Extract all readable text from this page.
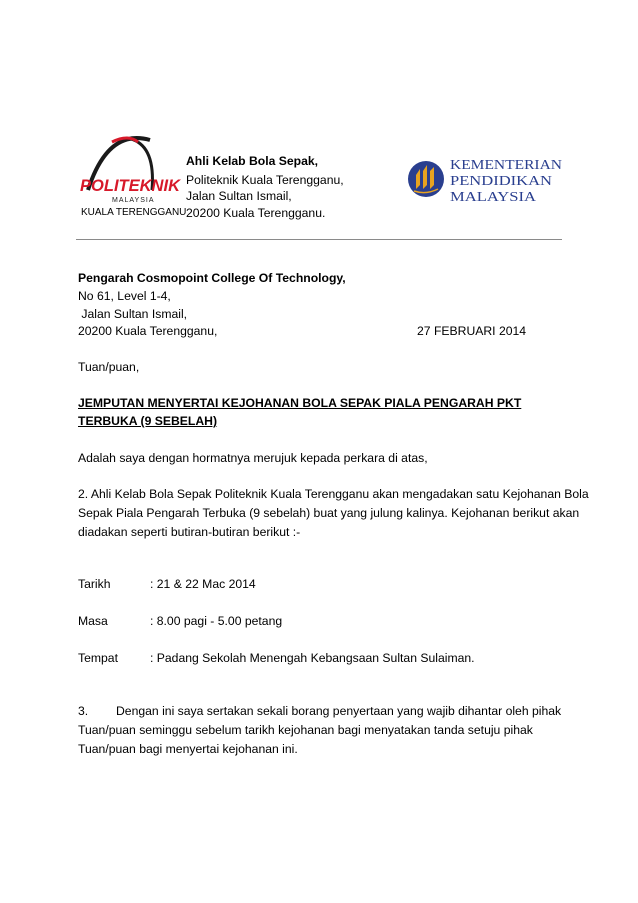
POLITEKNIK
MALAYSIA
KUALA TERENGGANU
Ahli Kelab Bola Sepak,
Politeknik Kuala Terengganu,
Jalan Sultan Ismail,
20200 Kuala Terengganu.
KEMENTERIAN
PENDIDIKAN
MALAYSIA
Pengarah Cosmopoint College Of Technology,
No 61, Level 1-4,
Jalan Sultan Ismail,
20200 Kuala Terengganu,	27 FEBRUARI 2014
Tuan/puan,
JEMPUTAN MENYERTAI KEJOHANAN BOLA SEPAK PIALA PENGARAH PKT
TERBUKA (9 SEBELAH)
Adalah saya dengan hormatnya merujuk kepada perkara di atas,
2. Ahli Kelab Bola Sepak Politeknik Kuala Terengganu akan mengadakan satu Kejohanan Bola
Sepak Piala Pengarah Terbuka (9 sebelah) buat yang julung kalinya. Kejohanan berikut akan
diadakan seperti butiran-butiran berikut :-
Tarikh	: 21 & 22 Mac 2014
Masa	: 8.00 pagi - 5.00 petang
Tempat	: Padang Sekolah Menengah Kebangsaan Sultan Sulaiman.
3. Dengan ini saya sertakan sekali borang penyertaan yang wajib dihantar oleh pihak
Tuan/puan seminggu sebelum tarikh kejohanan bagi menyatakan tanda setuju pihak
Tuan/puan bagi menyertai kejohanan ini.
